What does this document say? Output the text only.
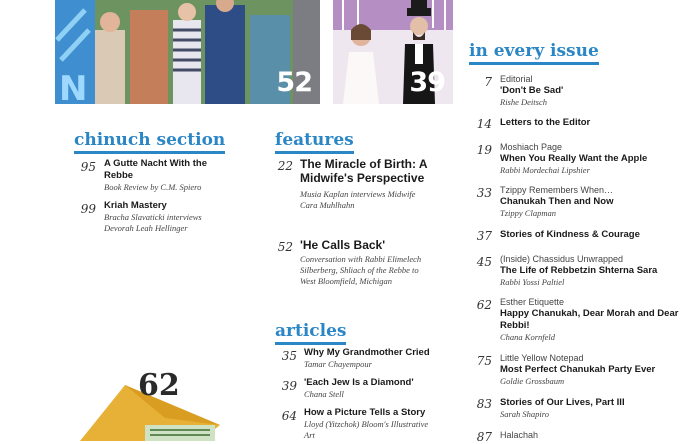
N	52	39
chinuch section
95 A Gutte Nacht With the Rebbe
Book Review by C.M. Spiero
99 Kriah Mastery
Bracha Slavaticki interviews Devorah Leah Hellinger
features
22 The Miracle of Birth: A Midwife's Perspective
Musia Kaplan interviews Midwife Cara Muhlhahn
52 'He Calls Back'
Conversation with Rabbi Elimelech Silberberg, Shliach of the Rebbe to West Bloomfield, Michigan
articles
35 Why My Grandmother Cried
Tamar Chayempour
39 'Each Jew Is a Diamond'
Chana Stell
64 How a Picture Tells a Story
Lloyd (Yitzchok) Bloom's Illustrative Art
in every issue
7 Editorial
'Don't Be Sad'
Rishe Deitsch
14 Letters to the Editor
19 Moshiach Page
When You Really Want the Apple
Rabbi Mordechai Lipshier
33 Tzippy Remembers When…
Chanukah Then and Now
Tzippy Clapman
37 Stories of Kindness & Courage
45 (Inside) Chassidus Unwrapped
The Life of Rebbetzin Shterna Sara
Rabbi Yossi Paltiel
62 Esther Etiquette
Happy Chanukah, Dear Morah and Dear Rebbi!
Chana Kornfeld
75 Little Yellow Notepad
Most Perfect Chanukah Party Ever
Goldie Grossbaum
83 Stories of Our Lives, Part III
Sarah Shapiro
87 Halachah
62
